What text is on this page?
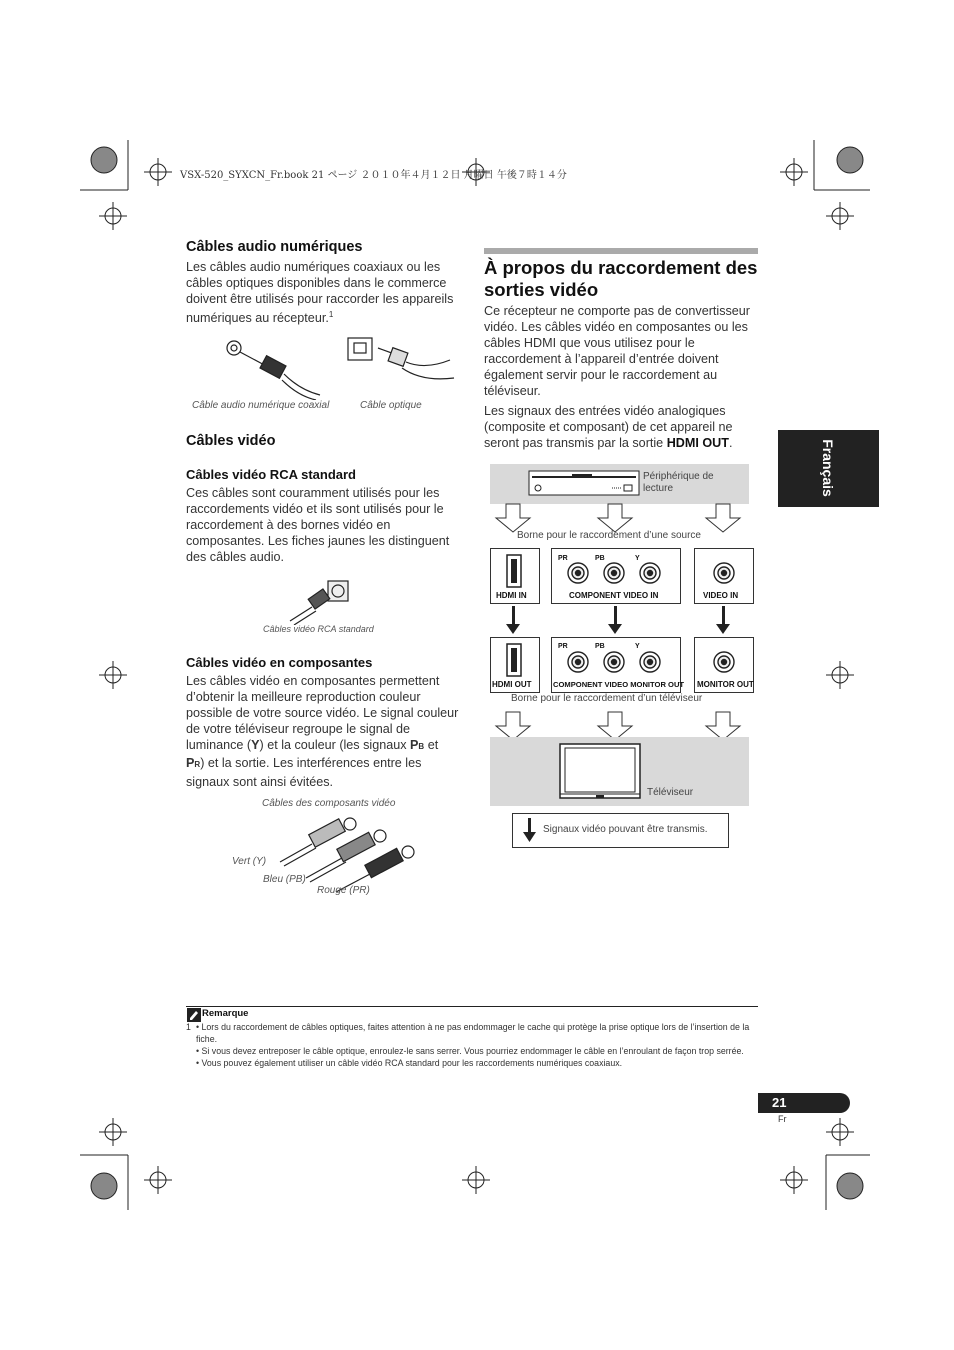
VSX-520_SYXCN_Fr.book 21 ページ ２０１０年４月１２日 月曜日 午後７時１４分
Câbles audio numériques
Les câbles audio numériques coaxiaux ou les câbles optiques disponibles dans le commerce doivent être utilisés pour raccorder les appareils numériques au récepteur.$^1$
Câble audio numérique coaxial	Câble optique
Câbles vidéo
Câbles vidéo RCA standard
Ces câbles sont couramment utilisés pour les raccordements vidéo et ils sont utilisés pour le raccordement à des bornes vidéo en composantes. Les fiches jaunes les distinguent des câbles audio.
Câbles vidéo RCA standard
Câbles vidéo en composantes
Les câbles vidéo en composantes permettent d’obtenir la meilleure reproduction couleur possible de votre source vidéo. Le signal couleur de votre téléviseur regroupe le signal de luminance (Y) et la couleur (les signaux PB et PR) et la sortie. Les interférences entre les signaux sont ainsi évitées.
Câbles des composants vidéo
Vert (Y)
Bleu (PB)
Rouge (PR)
À propos du raccordement des
sorties vidéo
Ce récepteur ne comporte pas de convertisseur vidéo. Les câbles vidéo en composantes ou les câbles HDMI que vous utilisez pour le raccordement à l’appareil d’entrée doivent également servir pour le raccordement au téléviseur.
Les signaux des entrées vidéo analogiques (composite et composant) de cet appareil ne seront pas transmis par la sortie HDMI OUT.
Périphérique de lecture
Borne pour le raccordement d’une source
HDMI IN
PR	PB	Y
COMPONENT VIDEO IN	VIDEO IN
HDMI OUT
PR	PB	Y
COMPONENT VIDEO MONITOR OUT MONITOR OUT
Borne pour le raccordement d’un téléviseur
Téléviseur
Signaux vidéo pouvant être transmis.
Français
Remarque
1 • Lors du raccordement de câbles optiques, faites attention à ne pas endommager le cache qui protège la prise optique lors de l’insertion de la fiche.
• Si vous devez entreposer le câble optique, enroulez-le sans serrer. Vous pourriez endommager le câble en l’enroulant de façon trop serrée.
• Vous pouvez également utiliser un câble vidéo RCA standard pour les raccordements numériques coaxiaux.
21
Fr
